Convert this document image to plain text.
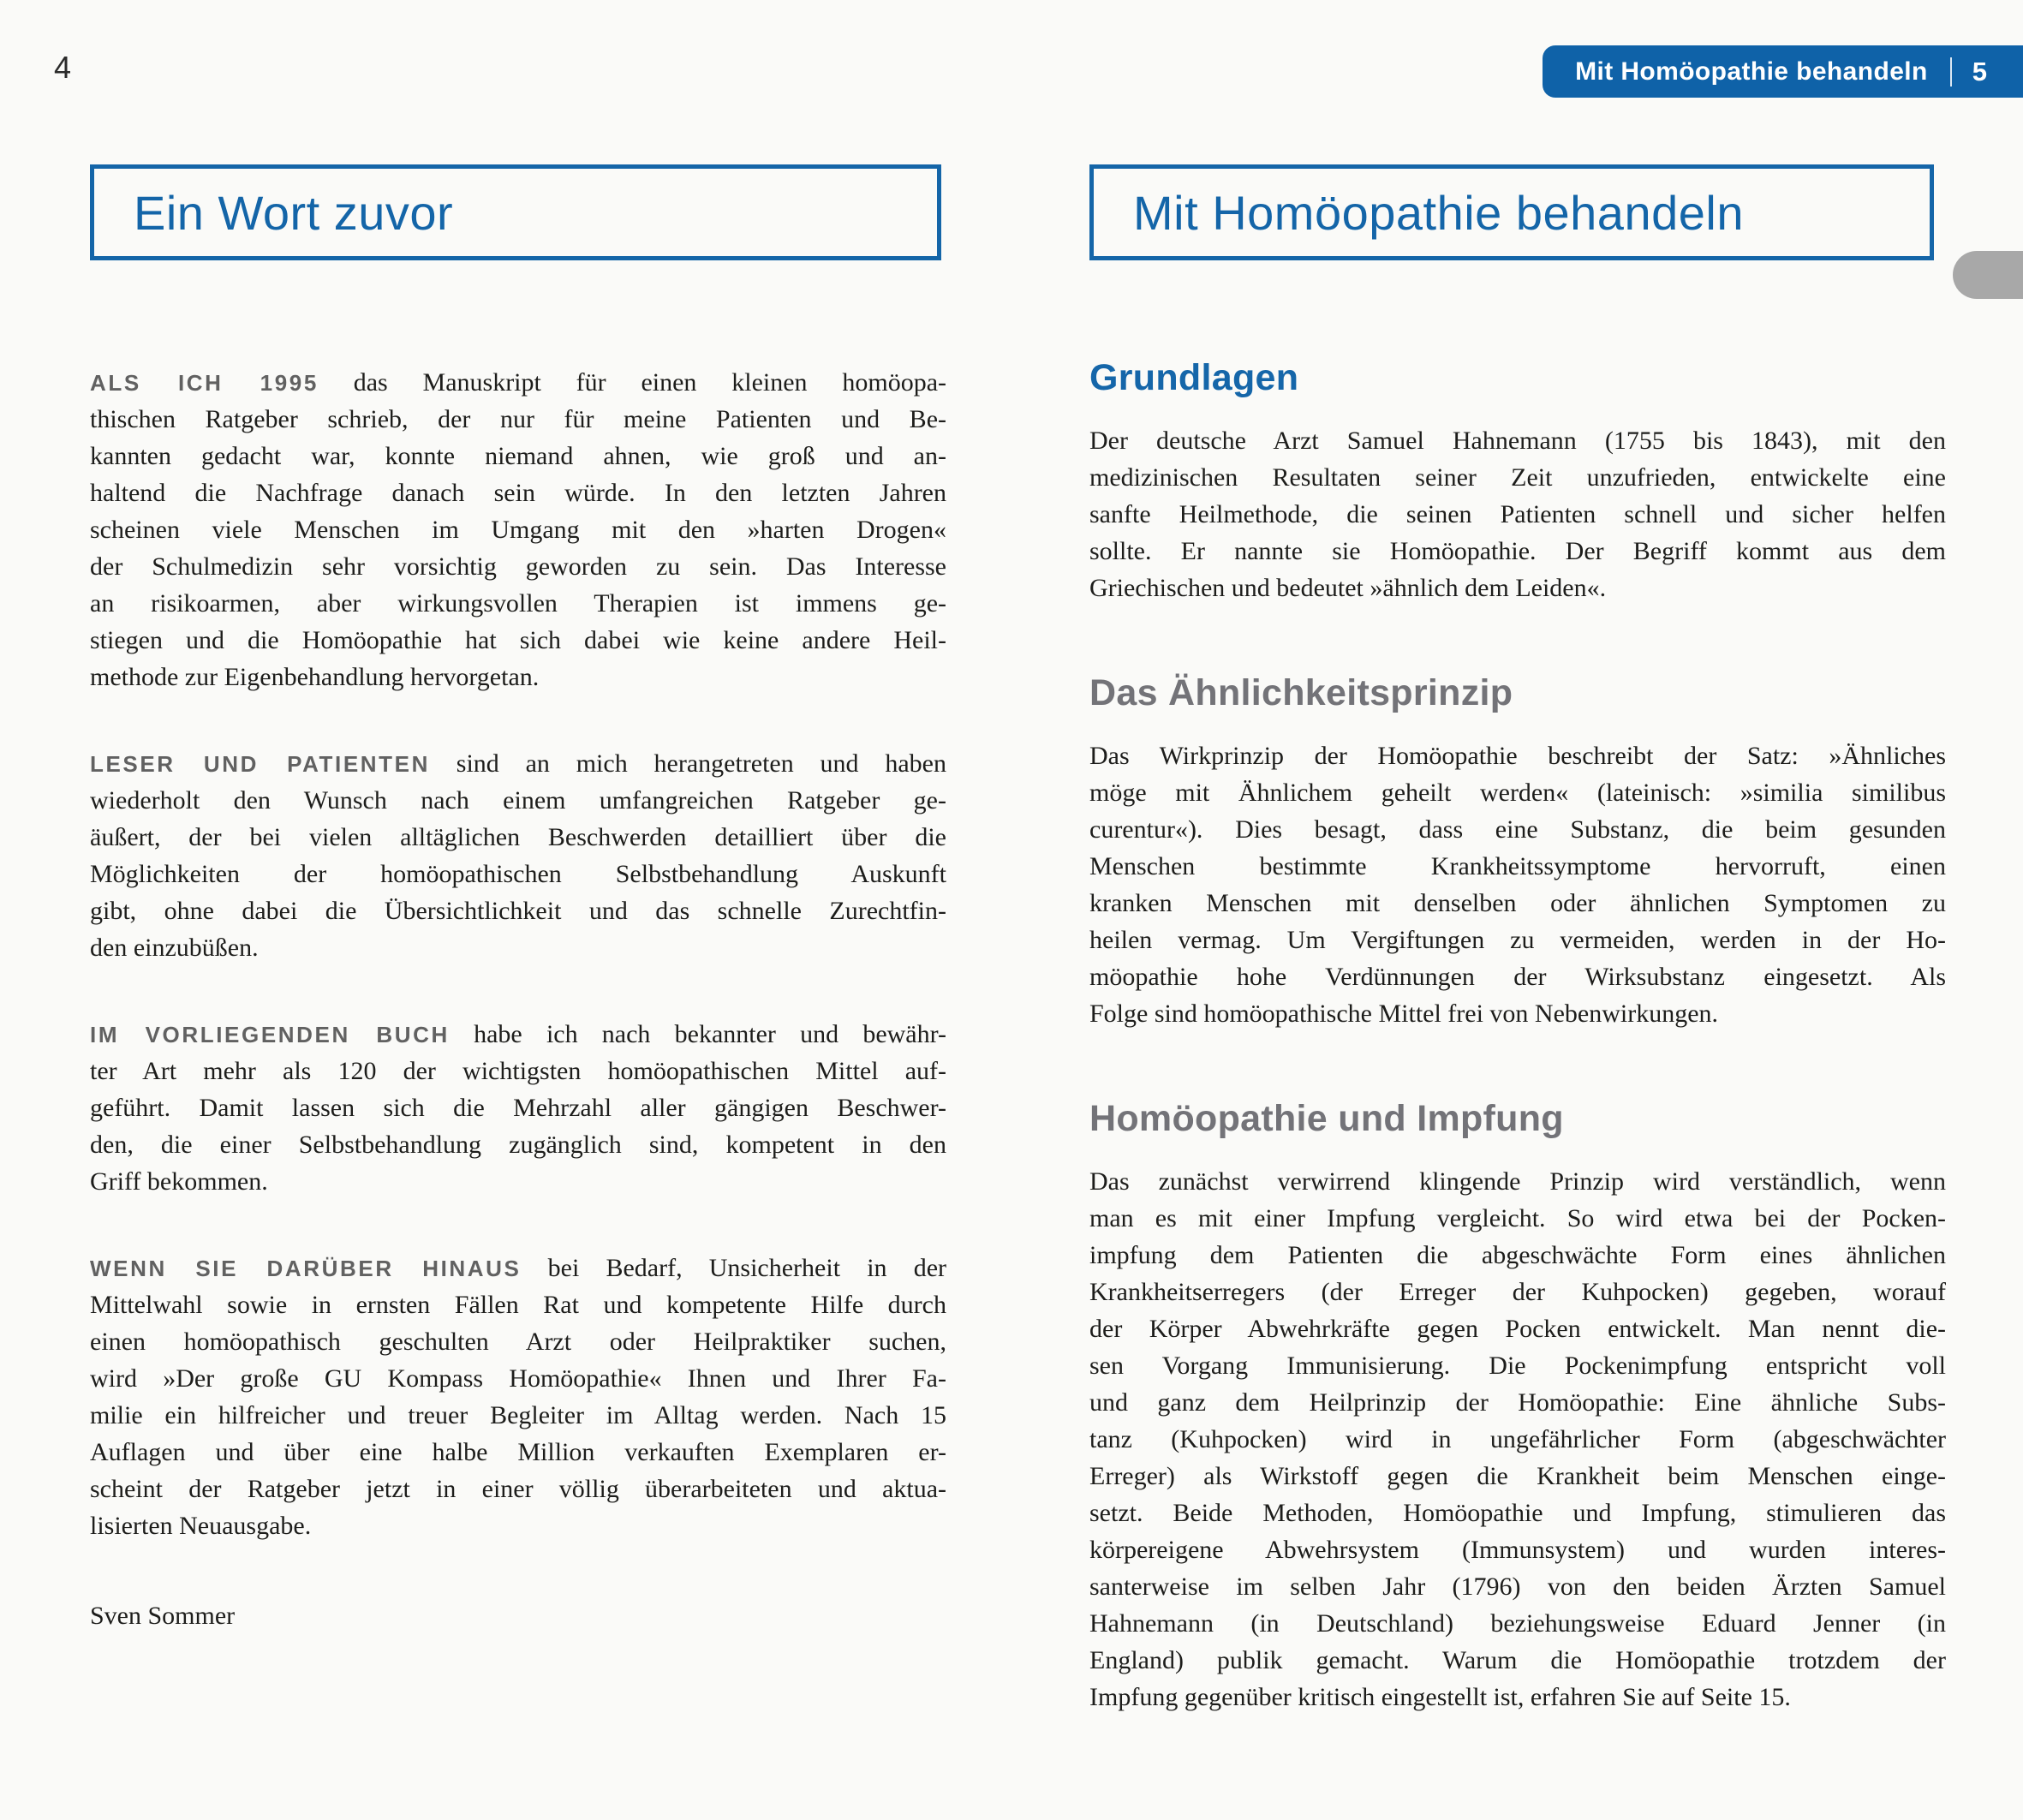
4	Mit Homöopathie behandeln 5
Ein Wort zuvor	Mit Homöopathie behandeln
ALS ICH 1995 das Manuskript für einen kleinen homöopa-
thischen Ratgeber schrieb, der nur für meine Patienten und Be-
kannten gedacht war, konnte niemand ahnen, wie groß und an-
haltend die Nachfrage danach sein würde. In den letzten Jahren
scheinen viele Menschen im Umgang mit den »harten Drogen«
der Schulmedizin sehr vorsichtig geworden zu sein. Das Interesse
an risikoarmen, aber wirkungsvollen Therapien ist immens ge-
stiegen und die Homöopathie hat sich dabei wie keine andere Heil-
methode zur Eigenbehandlung hervorgetan.
LESER UND PATIENTEN sind an mich herangetreten und haben
wiederholt den Wunsch nach einem umfangreichen Ratgeber ge-
äußert, der bei vielen alltäglichen Beschwerden detailliert über die
Möglichkeiten der homöopathischen Selbstbehandlung Auskunft
gibt, ohne dabei die Übersichtlichkeit und das schnelle Zurechtfin-
den einzubüßen.
IM VORLIEGENDEN BUCH habe ich nach bekannter und bewähr-
ter Art mehr als 120 der wichtigsten homöopathischen Mittel auf-
geführt. Damit lassen sich die Mehrzahl aller gängigen Beschwer-
den, die einer Selbstbehandlung zugänglich sind, kompetent in den
Griff bekommen.
WENN SIE DARÜBER HINAUS bei Bedarf, Unsicherheit in der
Mittelwahl sowie in ernsten Fällen Rat und kompetente Hilfe durch
einen homöopathisch geschulten Arzt oder Heilpraktiker suchen,
wird »Der große GU Kompass Homöopathie« Ihnen und Ihrer Fa-
milie ein hilfreicher und treuer Begleiter im Alltag werden. Nach 15
Auflagen und über eine halbe Million verkauften Exemplaren er-
scheint der Ratgeber jetzt in einer völlig überarbeiteten und aktua-
lisierten Neuausgabe.
Sven Sommer
Grundlagen
Der deutsche Arzt Samuel Hahnemann (1755 bis 1843), mit den
medizinischen Resultaten seiner Zeit unzufrieden, entwickelte eine
sanfte Heilmethode, die seinen Patienten schnell und sicher helfen
sollte. Er nannte sie Homöopathie. Der Begriff kommt aus dem
Griechischen und bedeutet »ähnlich dem Leiden«.
Das Ähnlichkeitsprinzip
Das Wirkprinzip der Homöopathie beschreibt der Satz: »Ähnliches
möge mit Ähnlichem geheilt werden« (lateinisch: »similia similibus
curentur«). Dies besagt, dass eine Substanz, die beim gesunden
Menschen bestimmte Krankheitssymptome hervorruft, einen
kranken Menschen mit denselben oder ähnlichen Symptomen zu
heilen vermag. Um Vergiftungen zu vermeiden, werden in der Ho-
möopathie hohe Verdünnungen der Wirksubstanz eingesetzt. Als
Folge sind homöopathische Mittel frei von Nebenwirkungen.
Homöopathie und Impfung
Das zunächst verwirrend klingende Prinzip wird verständlich, wenn
man es mit einer Impfung vergleicht. So wird etwa bei der Pocken-
impfung dem Patienten die abgeschwächte Form eines ähnlichen
Krankheitserregers (der Erreger der Kuhpocken) gegeben, worauf
der Körper Abwehrkräfte gegen Pocken entwickelt. Man nennt die-
sen Vorgang Immunisierung. Die Pockenimpfung entspricht voll
und ganz dem Heilprinzip der Homöopathie: Eine ähnliche Subs-
tanz (Kuhpocken) wird in ungefährlicher Form (abgeschwächter
Erreger) als Wirkstoff gegen die Krankheit beim Menschen einge-
setzt. Beide Methoden, Homöopathie und Impfung, stimulieren das
körpereigene Abwehrsystem (Immunsystem) und wurden interes-
santerweise im selben Jahr (1796) von den beiden Ärzten Samuel
Hahnemann (in Deutschland) beziehungsweise Eduard Jenner (in
England) publik gemacht. Warum die Homöopathie trotzdem der
Impfung gegenüber kritisch eingestellt ist, erfahren Sie auf Seite 15.
